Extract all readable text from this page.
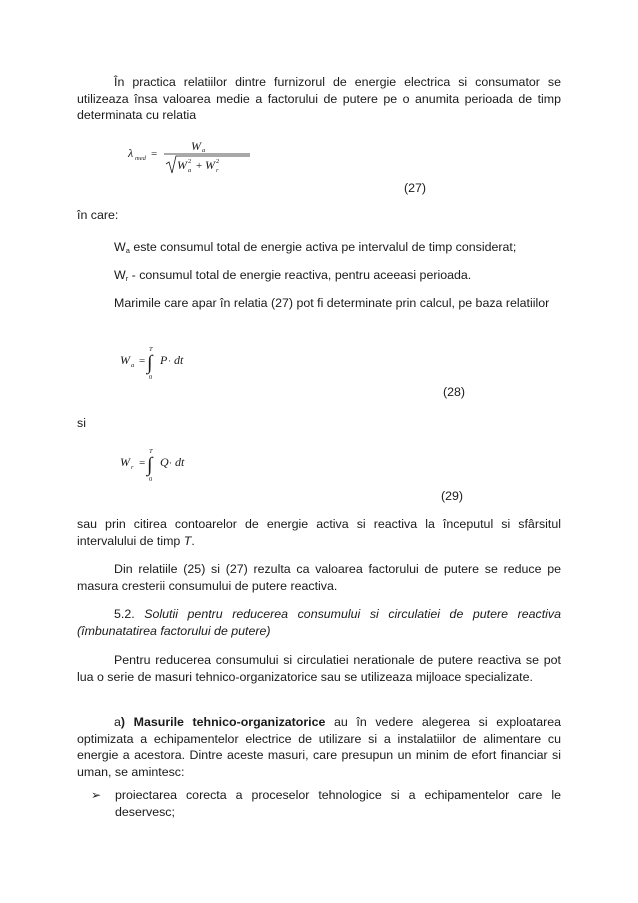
În practica relatiilor dintre furnizorul de energie electrica si consumator se utilizeaza însa valoarea medie a factorului de putere pe o anumita perioada de timp determinata cu relatia

λ med =
W a
W 2
a + W 2
r
(27)
în care:
$W_a$ este consumul total de energie activa pe intervalul de timp considerat;
$W_r$ - consumul total de energie reactiva, pentru aceeasi perioada.

Marimile care apar în relatia (27) pot fi determinate prin calcul, pe baza relatiilor

W a =
T
∫
0
P · dt
(28)
si
W r =
T
∫
0
Q · dt
(29)

sau prin citirea contoarelor de energie activa si reactiva la începutul si sfârsitul intervalului de timp T.

Din relatiile (25) si (27) rezulta ca valoarea factorului de putere se reduce pe masura cresterii consumului de putere reactiva.

5.2. Solutii pentru reducerea consumului si circulatiei de putere reactiva (îmbunatatirea factorului de putere)

Pentru reducerea consumului si circulatiei nerationale de putere reactiva se pot lua o serie de masuri tehnico-organizatorice sau se utilizeaza mijloace specializate.

a) Masurile tehnico-organizatorice au în vedere alegerea si exploatarea optimizata a echipamentelor electrice de utilizare si a instalatiilor de alimentare cu energie a acestora. Dintre aceste masuri, care presupun un minim de efort financiar si uman, se amintesc:

➢ proiectarea corecta a proceselor tehnologice si a echipamentelor care le deservesc;
